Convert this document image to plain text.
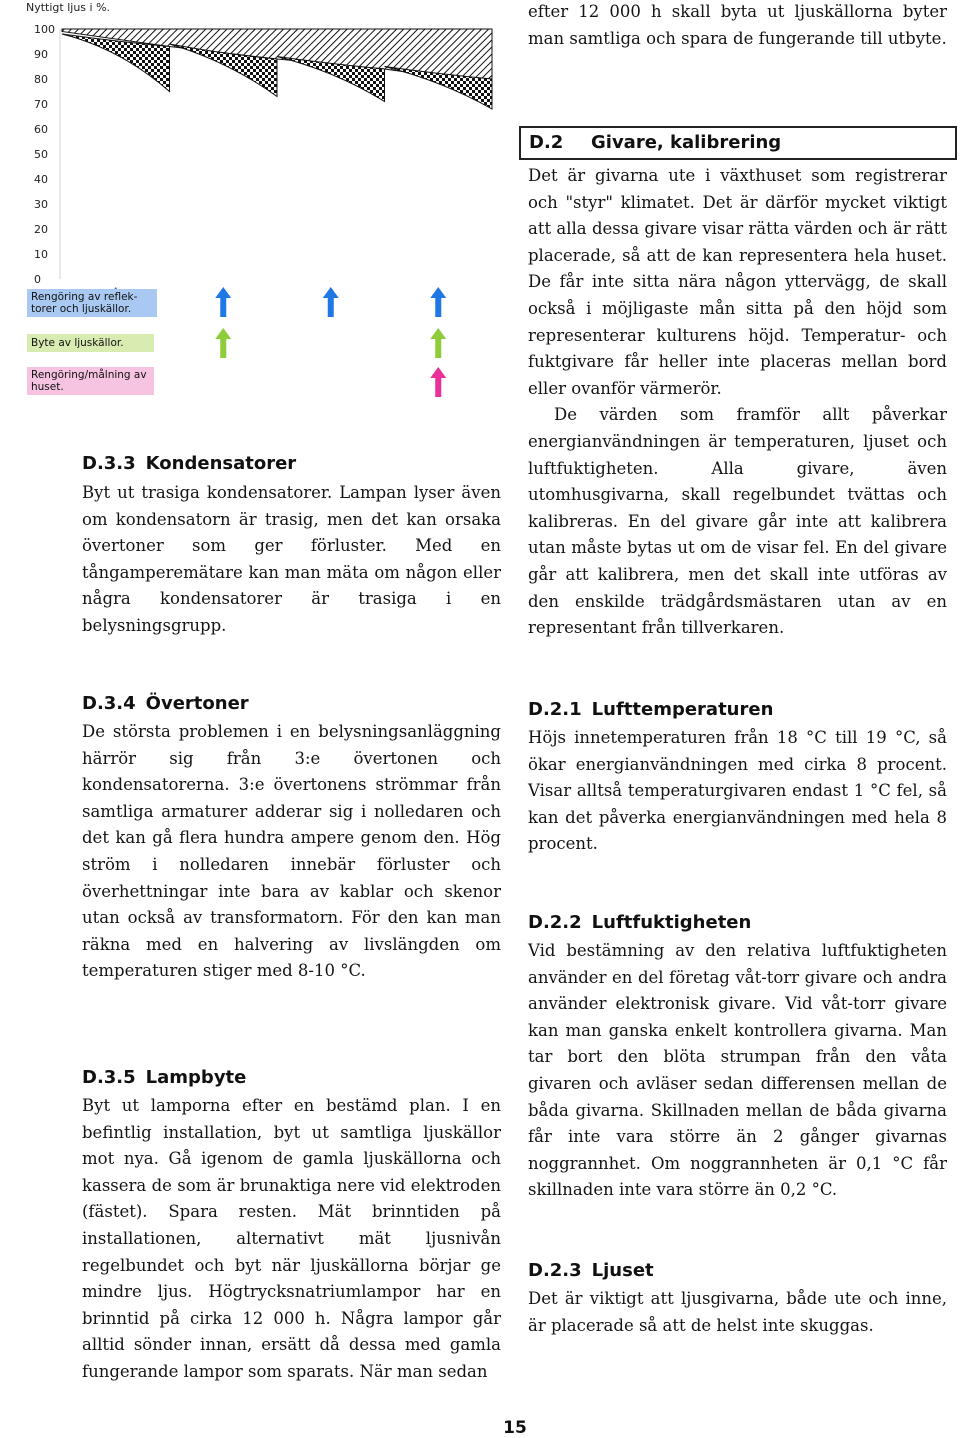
100
90
80
70
60
50
40
30
20
10
0
Nyttigt ljus i %.
Rengöring av reflek-
torer och ljuskällor.
Byte av ljuskällor.
Rengöring/målning av
huset.
D.3.3 Kondensatorer

Byt ut trasiga kondensatorer. Lampan lyser även om kondensatorn är trasig, men det kan orsaka övertoner som ger förluster. Med en tångamperemätare kan man mäta om någon eller några kondensatorer är trasiga i en belysningsgrupp.

D.3.4 Övertoner

De största problemen i en belysningsanläggning härrör sig från 3:e övertonen och kondensatorerna. 3:e övertonens strömmar från samtliga armaturer adderar sig i nolledaren och det kan gå flera hundra ampere genom den. Hög ström i nolledaren innebär förluster och överhettningar inte bara av kablar och skenor utan också av transformatorn. För den kan man räkna med en halvering av livslängden om temperaturen stiger med 8-10 °C.

D.3.5 Lampbyte

Byt ut lamporna efter en bestämd plan. I en befintlig installation, byt ut samtliga ljuskällor mot nya. Gå igenom de gamla ljuskällorna och kassera de som är brunaktiga nere vid elektroden (fästet). Spara resten. Mät brinntiden på installationen, alternativt mät ljusnivån regelbundet och byt när ljuskällorna börjar ge mindre ljus. Högtrycksnatriumlampor har en brinntid på cirka 12 000 h. Några lampor går alltid sönder innan, ersätt då dessa med gamla fungerande lampor som sparats. När man sedan

efter 12 000 h skall byta ut ljuskällorna byter man samtliga och spara de fungerande till utbyte.

D.2 Givare, kalibrering

Det är givarna ute i växthuset som registrerar och "styr" klimatet. Det är därför mycket viktigt att alla dessa givare visar rätta värden och är rätt placerade, så att de kan representera hela huset. De får inte sitta nära någon yttervägg, de skall också i möjligaste mån sitta på den höjd som representerar kulturens höjd. Temperatur- och fuktgivare får heller inte placeras mellan bord eller ovanför värmerör.

De värden som framför allt påverkar energianvändningen är temperaturen, ljuset och luftfuktigheten. Alla givare, även utomhusgivarna, skall regelbundet tvättas och kalibreras. En del givare går inte att kalibrera utan måste bytas ut om de visar fel. En del givare går att kalibrera, men det skall inte utföras av den enskilde trädgårdsmästaren utan av en representant från tillverkaren.

D.2.1 Lufttemperaturen

Höjs innetemperaturen från 18 °C till 19 °C, så ökar energianvändningen med cirka 8 procent. Visar alltså temperaturgivaren endast 1 °C fel, så kan det påverka energianvändningen med hela 8 procent.

D.2.2 Luftfuktigheten

Vid bestämning av den relativa luftfuktigheten använder en del företag våt-torr givare och andra använder elektronisk givare. Vid våt-torr givare kan man ganska enkelt kontrollera givarna. Man tar bort den blöta strumpan från den våta givaren och avläser sedan differensen mellan de båda givarna. Skillnaden mellan de båda givarna får inte vara större än 2 gånger givarnas noggrannhet. Om noggrannheten är 0,1 °C får skillnaden inte vara större än 0,2 °C.

D.2.3 Ljuset

Det är viktigt att ljusgivarna, både ute och inne, är placerade så att de helst inte skuggas.

15
